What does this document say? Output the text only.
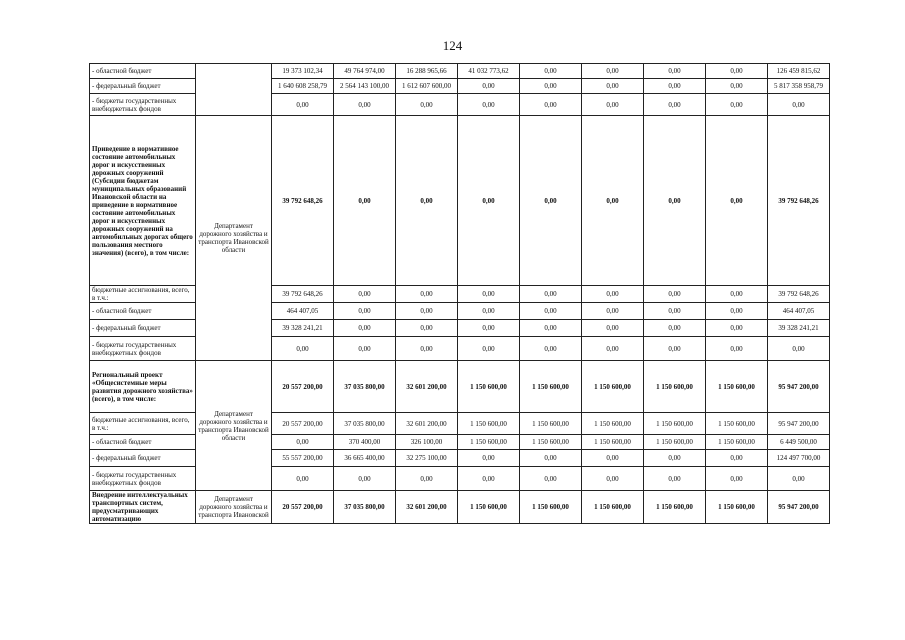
124
- областной бюджет		19 373 102,34	49 764 974,00	16 288 965,66	41 032 773,62	0,00	0,00	0,00	0,00	126 459 815,62
- федеральный бюджет		1 640 608 258,79	2 564 143 100,00	1 612 607 600,00	0,00	0,00	0,00	0,00	0,00	5 817 358 958,79
- бюджеты государственных внебюджетных фондов		0,00	0,00	0,00	0,00	0,00	0,00	0,00	0,00	0,00
Приведение в нормативное состояние автомобильных дорог и искусственных дорожных сооружений (Субсидии бюджетам муниципальных образований Ивановской области на приведение в нормативное состояние автомобильных дорог и искусственных дорожных сооружений на автомобильных дорогах общего пользования местного значения) (всего), в том числе:	Департамент дорожного хозяйства и транспорта Ивановской области	39 792 648,26	0,00	0,00	0,00	0,00	0,00	0,00	0,00	39 792 648,26
бюджетные ассигнования, всего, в т.ч.:		39 792 648,26	0,00	0,00	0,00	0,00	0,00	0,00	0,00	39 792 648,26
- областной бюджет		464 407,05	0,00	0,00	0,00	0,00	0,00	0,00	0,00	464 407,05
- федеральный бюджет		39 328 241,21	0,00	0,00	0,00	0,00	0,00	0,00	0,00	39 328 241,21
- бюджеты государственных внебюджетных фондов		0,00	0,00	0,00	0,00	0,00	0,00	0,00	0,00	0,00
Региональный проект «Общесистемные меры развития дорожного хозяйства» (всего), в том числе:	Департамент дорожного хозяйства и транспорта Ивановской области	20 557 200,00	37 035 800,00	32 601 200,00	1 150 600,00	1 150 600,00	1 150 600,00	1 150 600,00	1 150 600,00	95 947 200,00
бюджетные ассигнования, всего, в т.ч.:		20 557 200,00	37 035 800,00	32 601 200,00	1 150 600,00	1 150 600,00	1 150 600,00	1 150 600,00	1 150 600,00	95 947 200,00
- областной бюджет		0,00	370 400,00	326 100,00	1 150 600,00	1 150 600,00	1 150 600,00	1 150 600,00	1 150 600,00	6 449 500,00
- федеральный бюджет		55 557 200,00	36 665 400,00	32 275 100,00	0,00	0,00	0,00	0,00	0,00	124 497 700,00
- бюджеты государственных внебюджетных фондов		0,00	0,00	0,00	0,00	0,00	0,00	0,00	0,00	0,00
Внедрение интеллектуальных транспортных систем, предусматривающих автоматизацию	Департамент дорожного хозяйства и транспорта Ивановской	20 557 200,00	37 035 800,00	32 601 200,00	1 150 600,00	1 150 600,00	1 150 600,00	1 150 600,00	1 150 600,00	95 947 200,00
